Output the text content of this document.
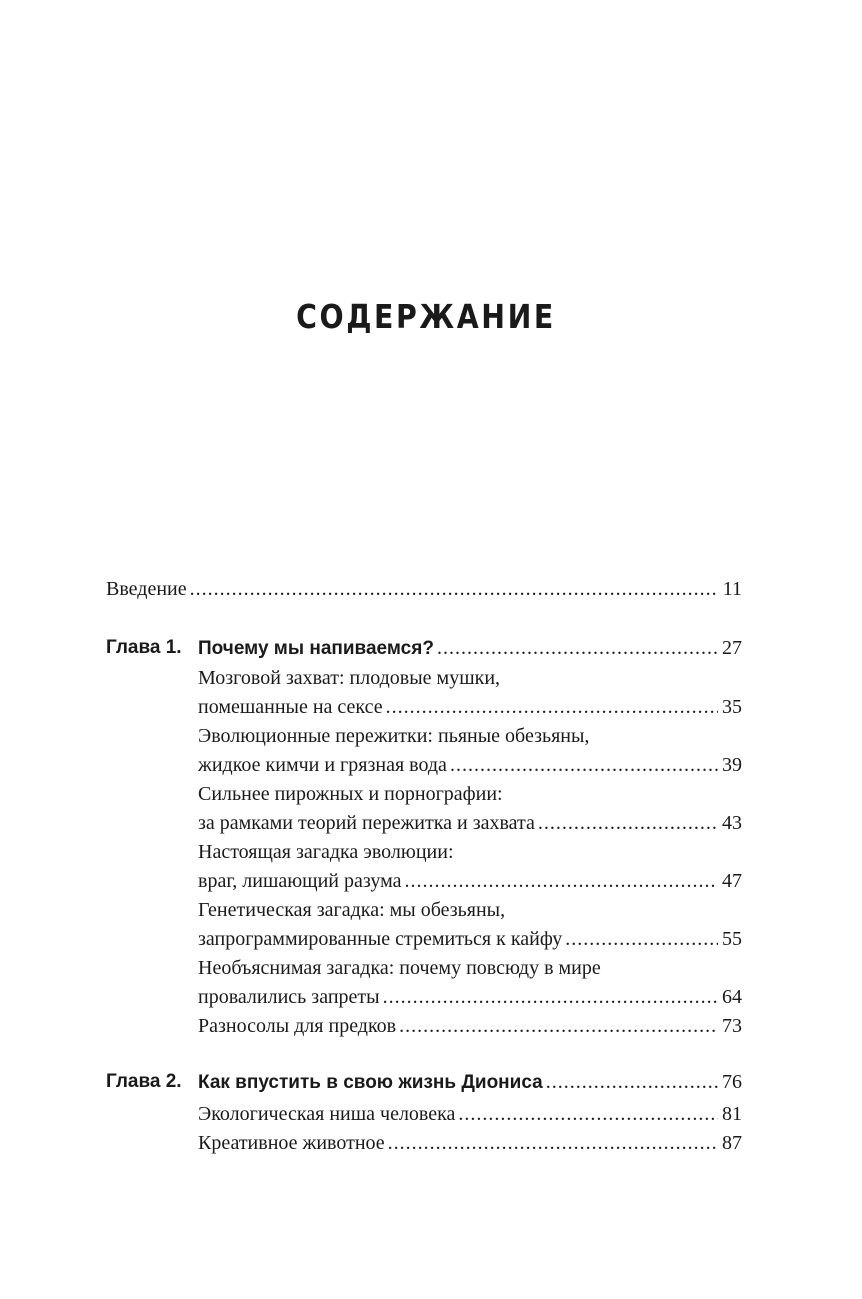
СОДЕРЖАНИЕ
Введение .....	11
Глава 1. Почему мы напиваемся? .....	27
Мозговой захват: плодовые мушки,
помешанные на сексе .....	35
Эволюционные пережитки: пьяные обезьяны,
жидкое кимчи и грязная вода .....	39
Сильнее пирожных и порнографии:
за рамками теорий пережитка и захвата .....	43
Настоящая загадка эволюции:
враг, лишающий разума .....	47
Генетическая загадка: мы обезьяны,
запрограммированные стремиться к кайфу .....	55
Необъяснимая загадка: почему повсюду в мире
провалились запреты .....	64
Разносолы для предков .....	73
Глава 2. Как впустить в свою жизнь Диониса .....	76
Экологическая ниша человека .....	81
Креативное животное .....	87
